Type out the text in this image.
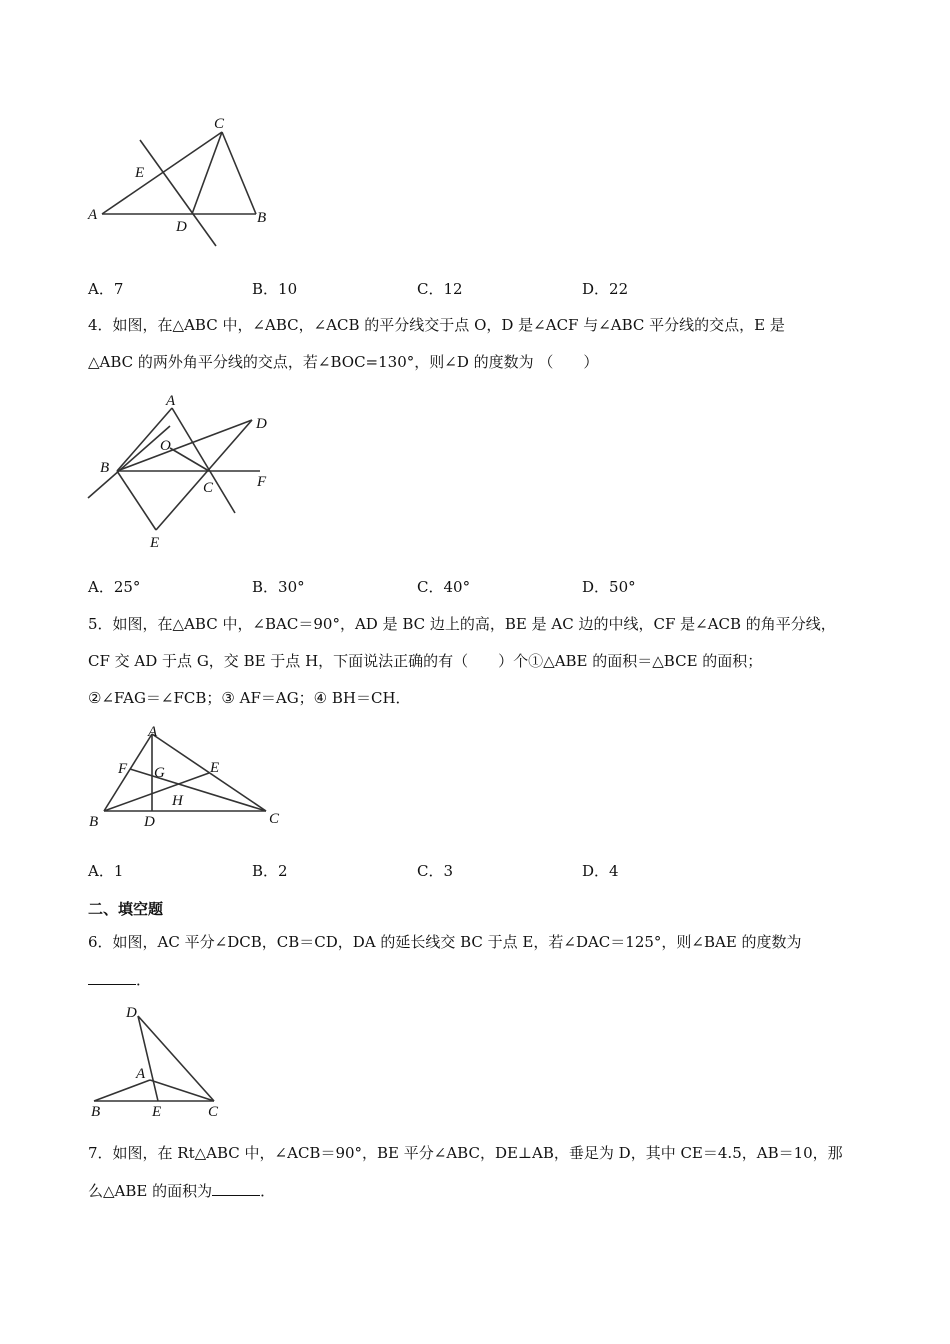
C
E
A
D
B
A．7	B．10	C．12	D．22
4．如图，在△ABC 中，∠ABC，∠ACB 的平分线交于点 O，D 是∠ACF 与∠ABC 平分线的交点，E 是
△ABC 的两外角平分线的交点，若∠BOC=130°，则∠D 的度数为 （　　）
A
D
O
B
C	F
E
A．25°	B．30°	C．40°	D．50°
5．如图，在△ABC 中，∠BAC＝90°，AD 是 BC 边上的高，BE 是 AC 边的中线，CF 是∠ACB 的角平分线，
CF 交 AD 于点 G，交 BE 于点 H，下面说法正确的有（　　）个①△ABE 的面积＝△BCE 的面积；
②∠FAG＝∠FCB；③ AF＝AG；④ BH＝CH．
A
F G	E
H
B	D	C
A．1	B．2	C．3	D．4
二、填空题
6．如图，AC 平分∠DCB，CB＝CD，DA 的延长线交 BC 于点 E，若∠DAC＝125°，则∠BAE 的度数为
．
D
A
B	E	C
7．如图，在 Rt△ABC 中，∠ACB＝90°，BE 平分∠ABC，DE⊥AB，垂足为 D，其中 CE＝4.5，AB＝10，那
么△ABE 的面积为	．
